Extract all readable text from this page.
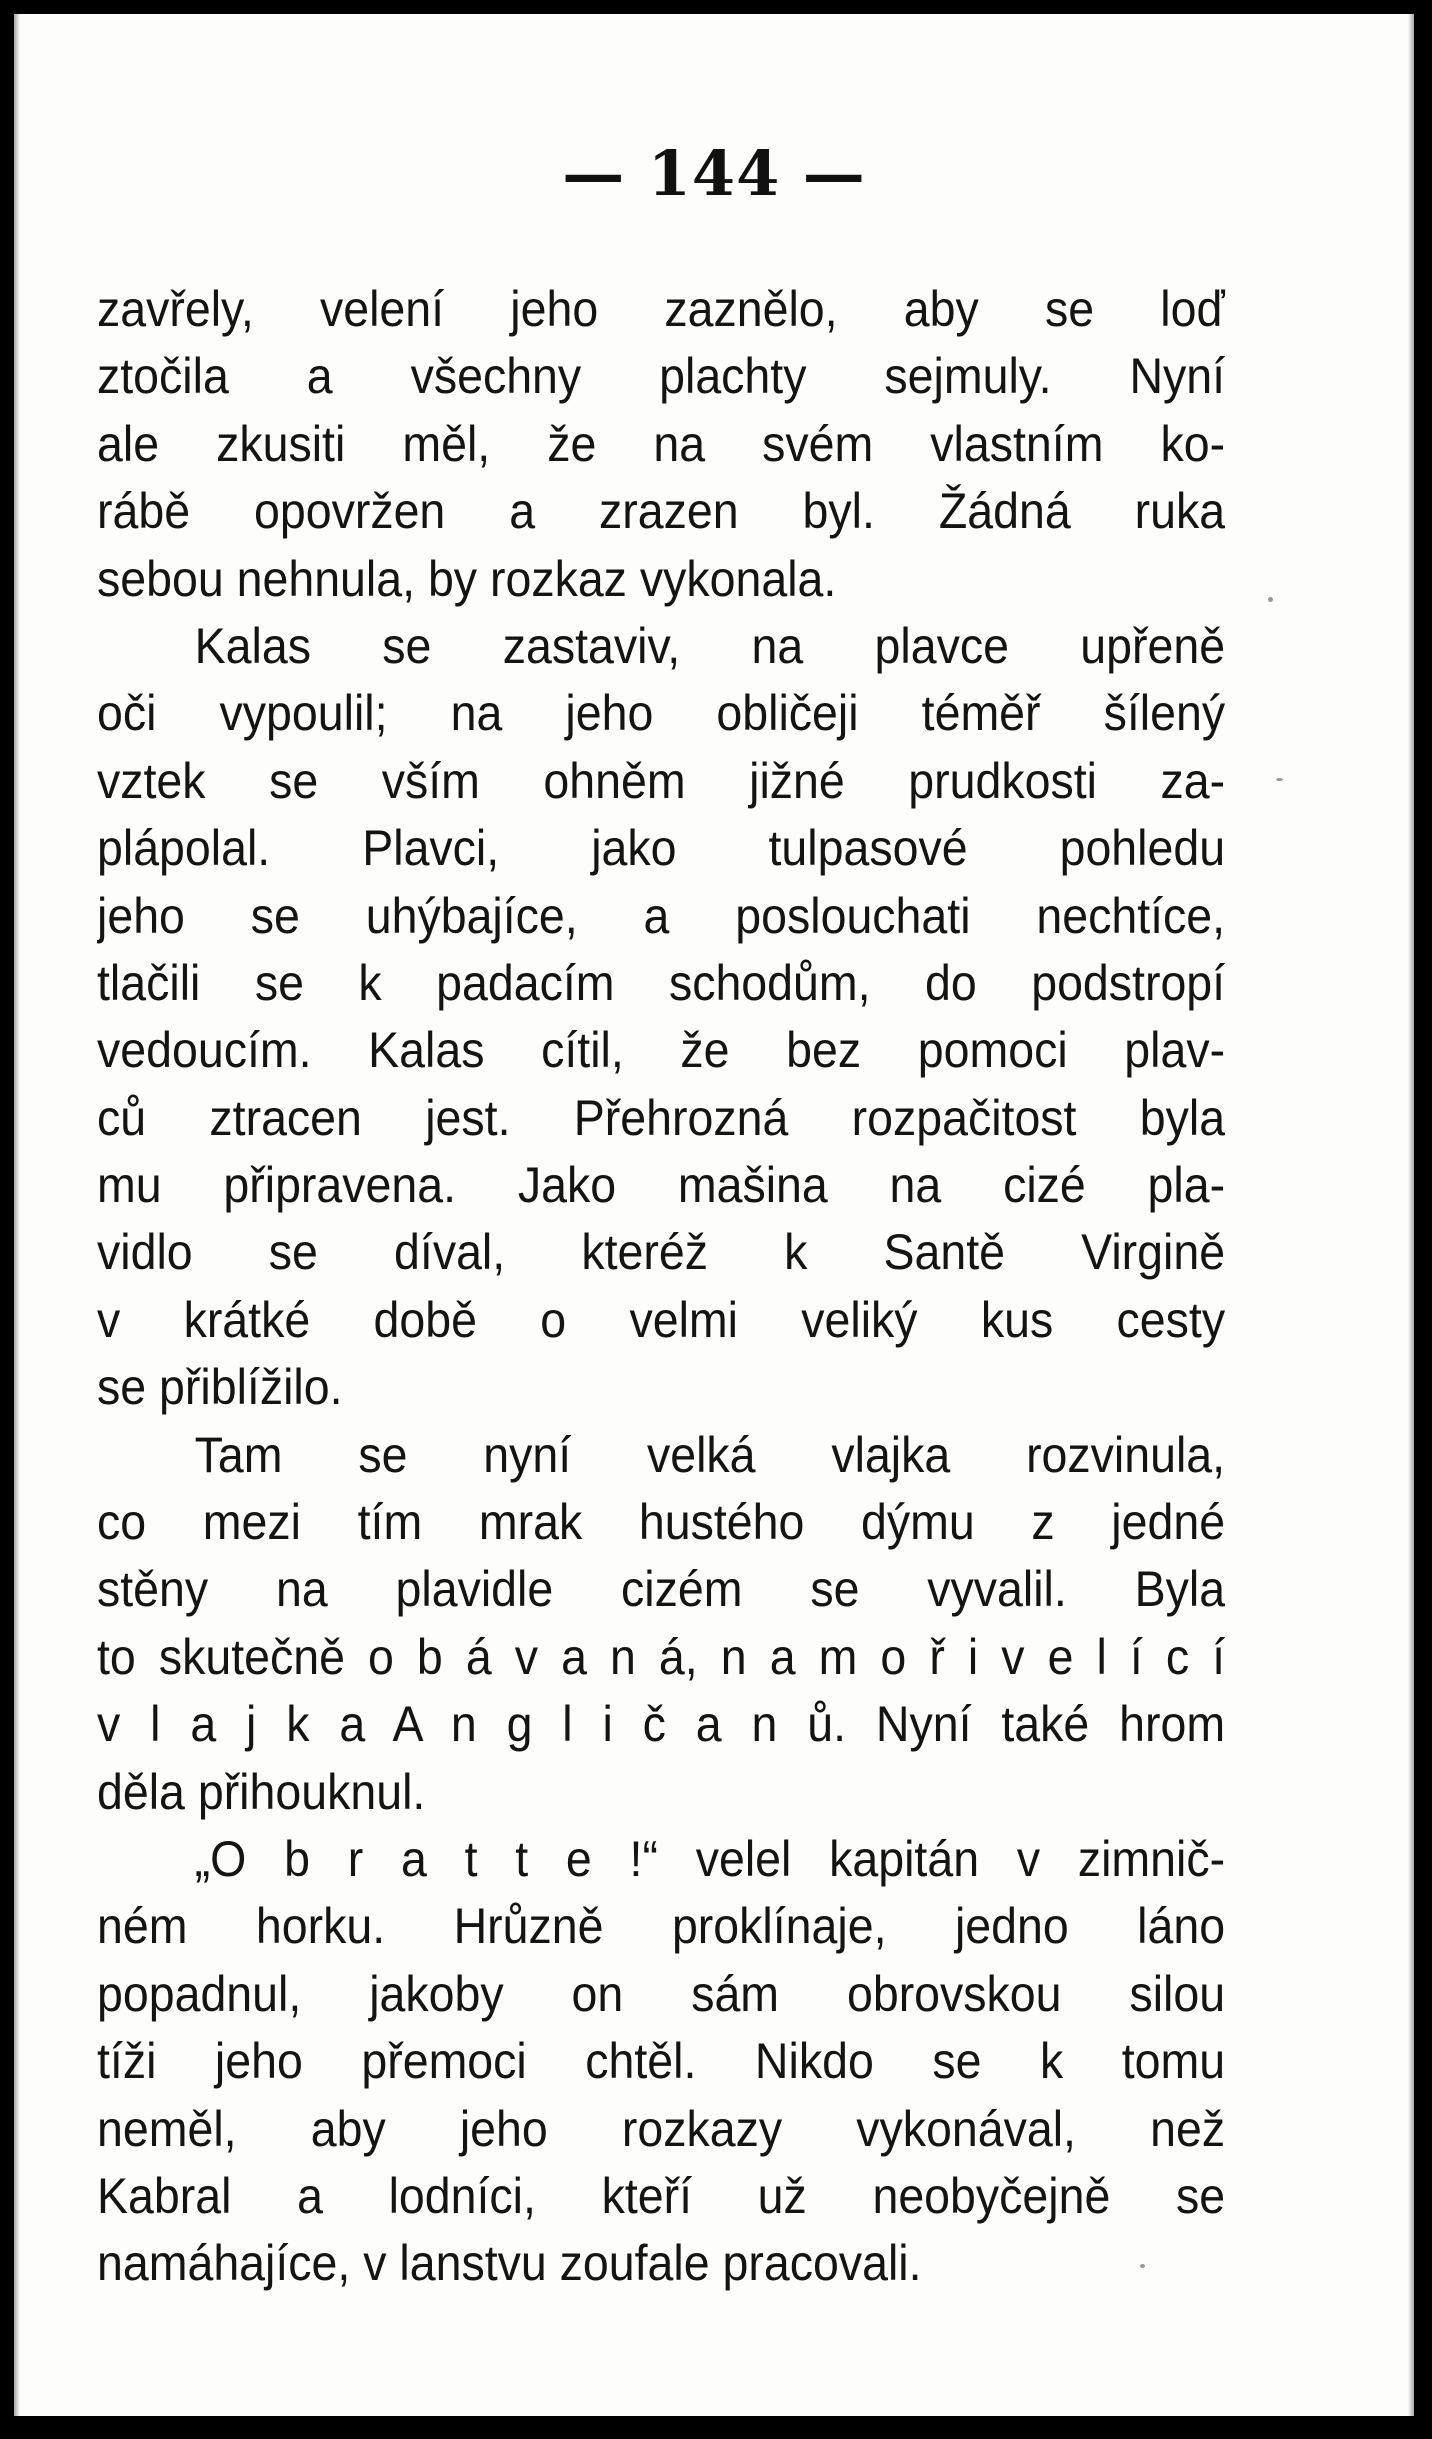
— 144 —
zavřely, velení jeho zaznělo, aby se loď
ztočila a všechny plachty sejmuly. Nyní
ale zkusiti měl, že na svém vlastním ko-
rábě opovržen a zrazen byl. Žádná ruka
sebou nehnula, by rozkaz vykonala.
Kalas se zastaviv, na plavce upřeně
oči vypoulil; na jeho obličeji téměř šílený
vztek se vším ohněm jižné prudkosti za-
plápolal. Plavci, jako tulpasové pohledu
jeho se uhýbajíce, a poslouchati nechtíce,
tlačili se k padacím schodům, do podstropí
vedoucím. Kalas cítil, že bez pomoci plav-
ců ztracen jest. Přehrozná rozpačitost byla
mu připravena. Jako mašina na cizé pla-
vidlo se díval, kteréž k Santě Virgině
v krátké době o velmi veliký kus cesty
se přiblížilo.
Tam se nyní velká vlajka rozvinula,
co mezi tím mrak hustého dýmu z jedné
stěny na plavidle cizém se vyvalil. Byla
to skutečně o b á v a n á, n a m o ř i v e l í c í
v l a j k a A n g l i č a n ů. Nyní také hrom
děla přihouknul.
„O b r a t t e !“ velel kapitán v zimnič-
ném horku. Hrůzně proklínaje, jedno láno
popadnul, jakoby on sám obrovskou silou
tíži jeho přemoci chtěl. Nikdo se k tomu
neměl, aby jeho rozkazy vykonával, než
Kabral a lodníci, kteří už neobyčejně se
namáhajíce, v lanstvu zoufale pracovali.
